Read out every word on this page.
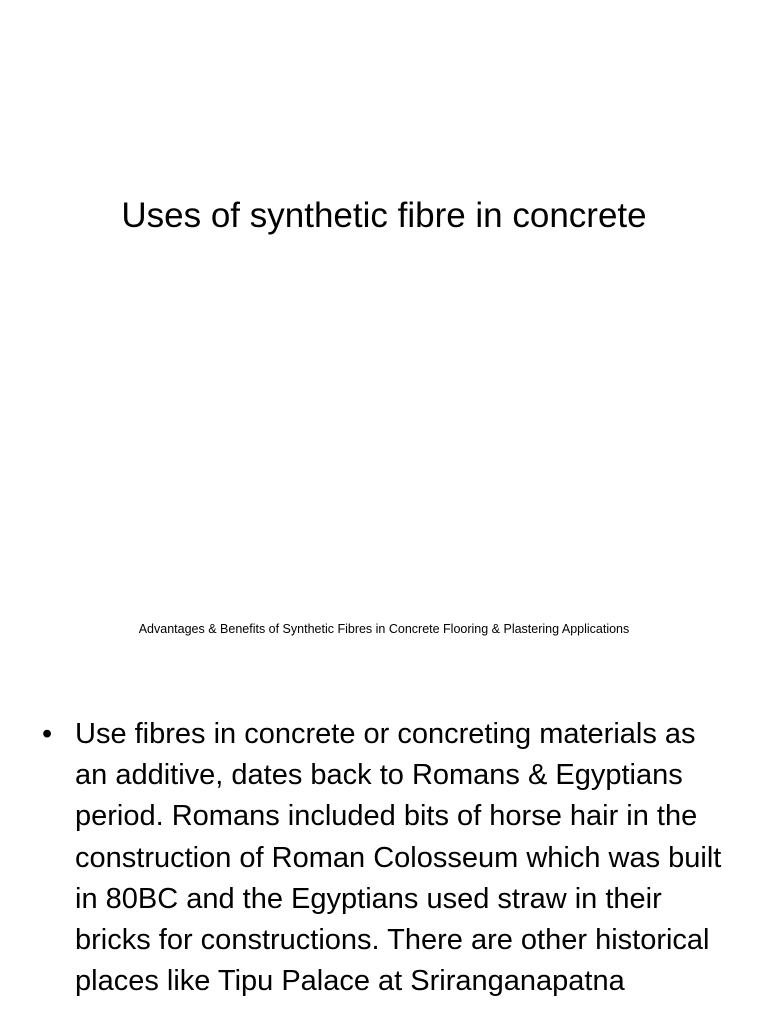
Uses of synthetic fibre in concrete
Advantages & Benefits of Synthetic Fibres in Concrete Flooring & Plastering Applications
• Use fibres in concrete or concreting materials as an additive, dates back to Romans & Egyptians period. Romans included bits of horse hair in the construction of Roman Colosseum which was built in 80BC and the Egyptians used straw in their bricks for constructions. There are other historical places like Tipu Palace at Sriranganapatna
